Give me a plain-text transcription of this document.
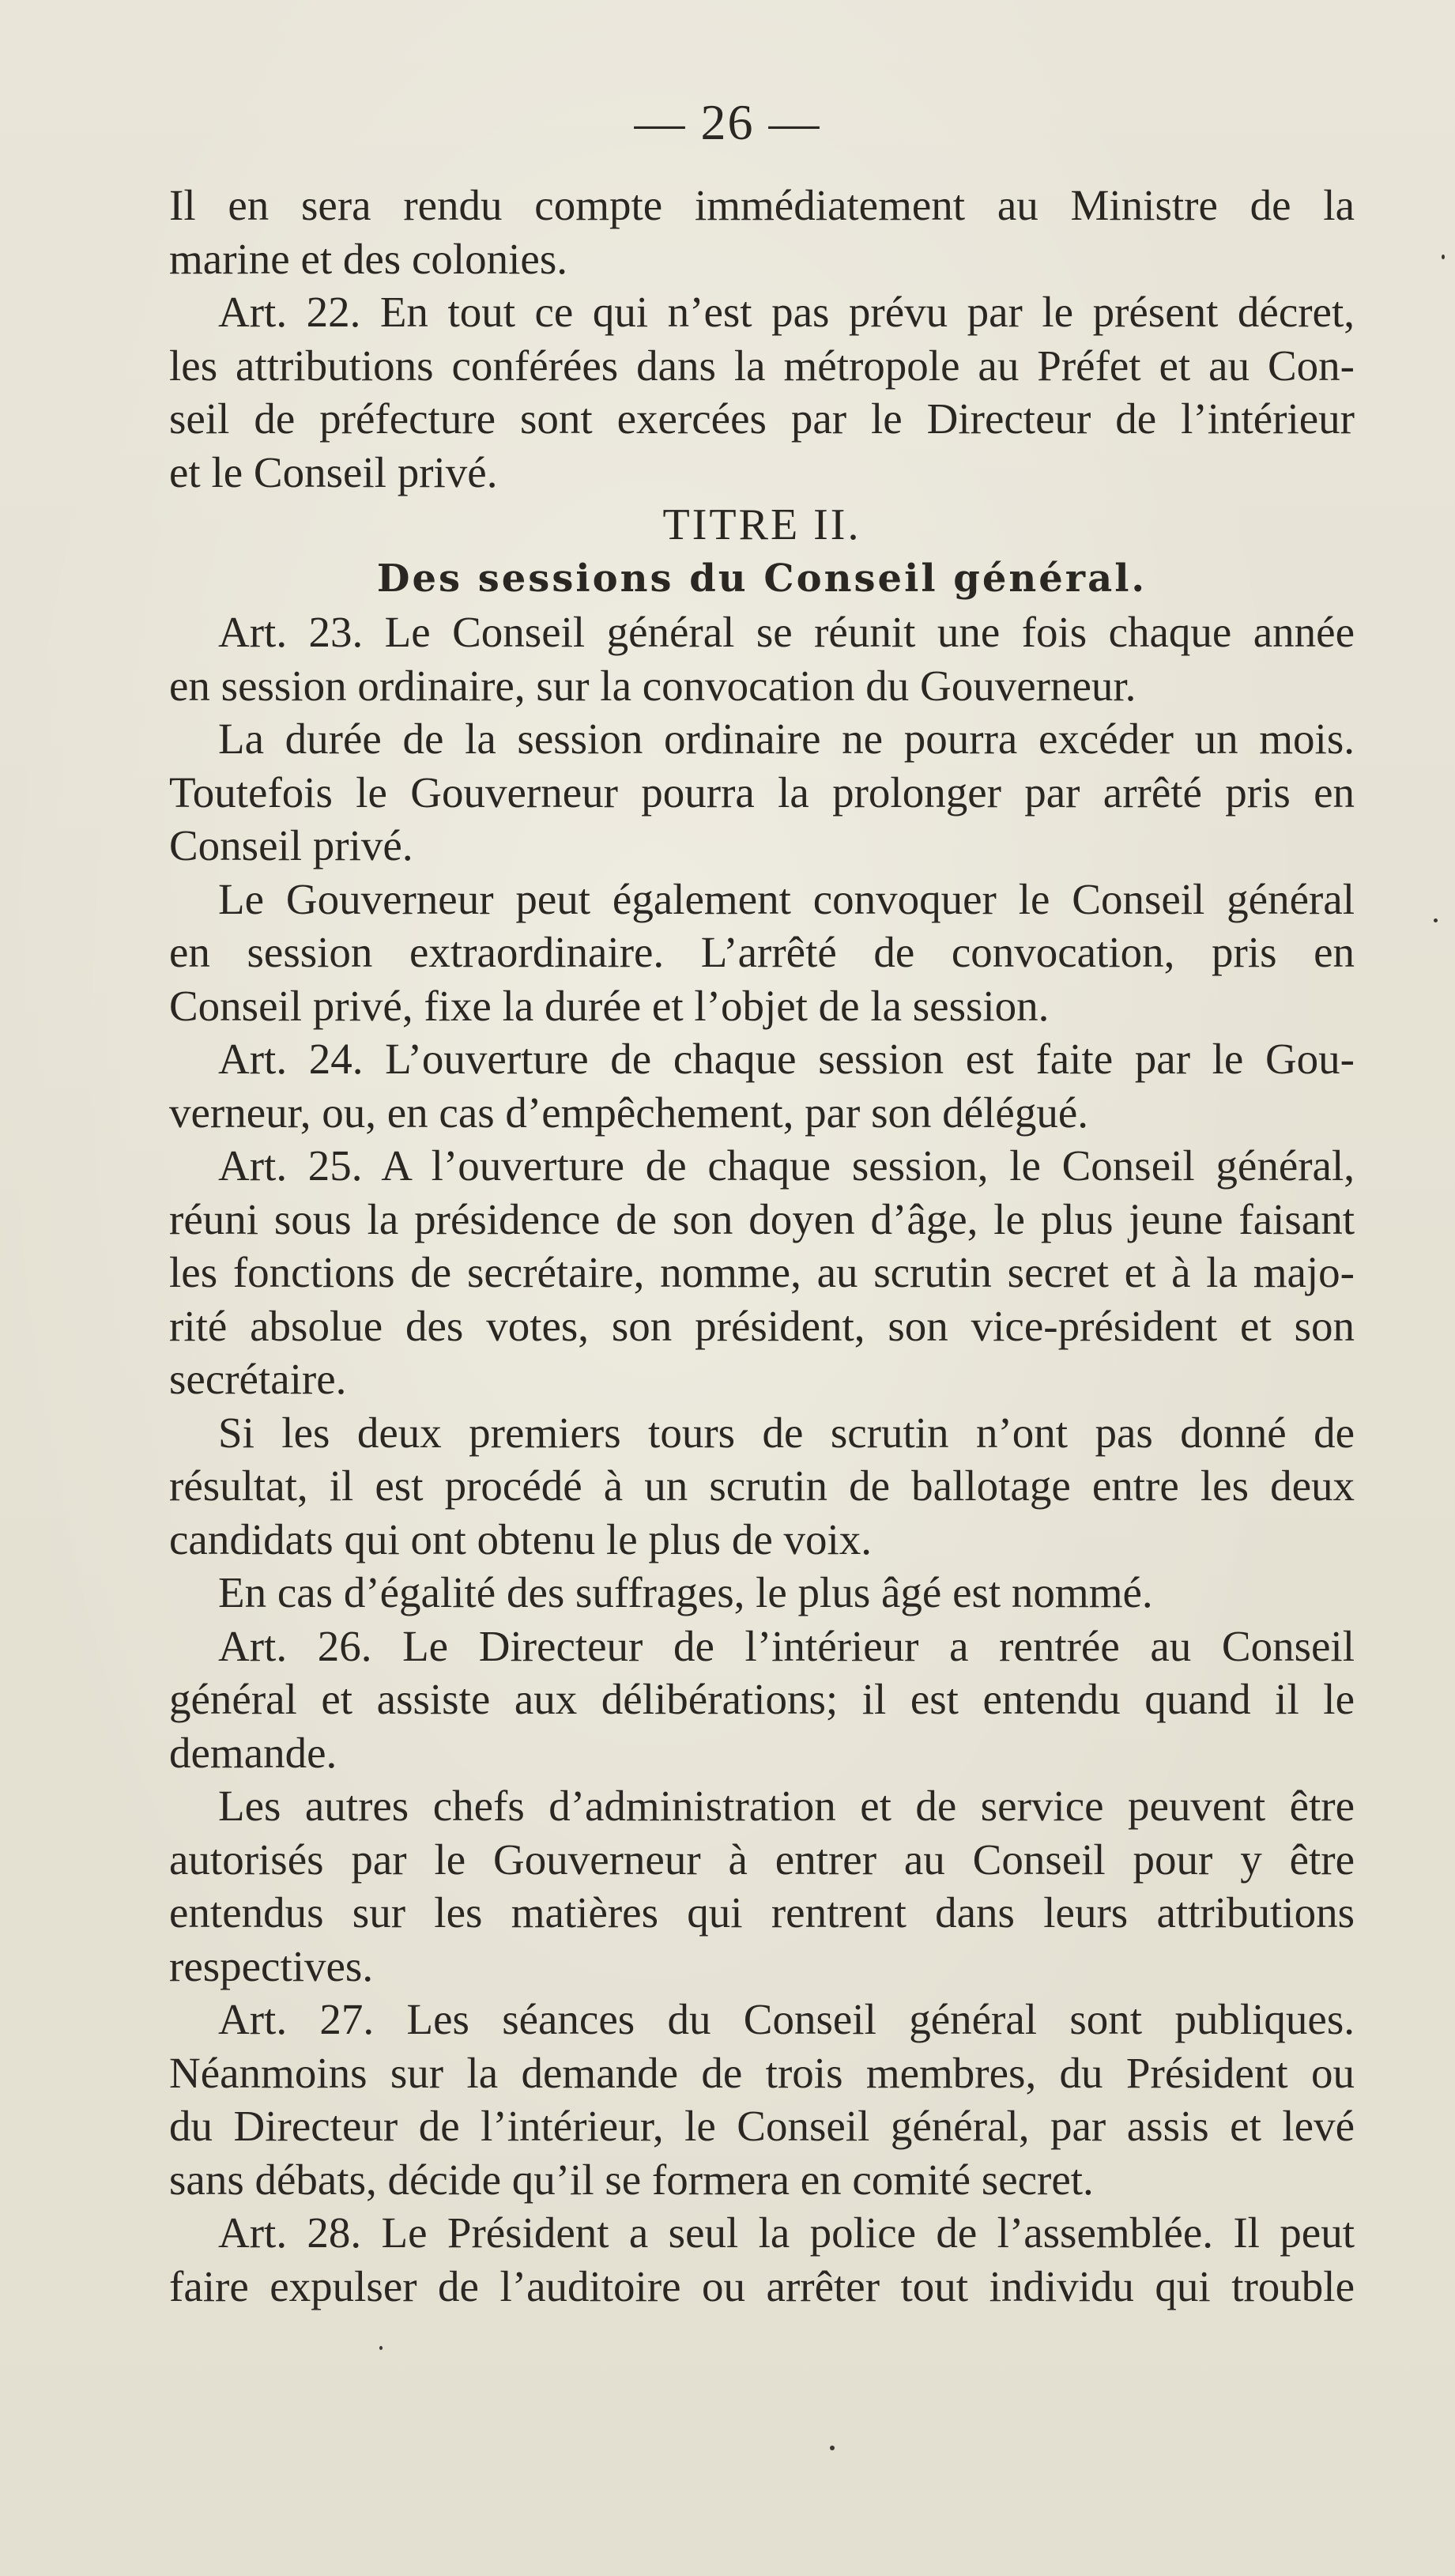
— 26 —
Il en sera rendu compte immédiatement au Ministre de la
marine et des colonies.
Art. 22. En tout ce qui n’est pas prévu par le présent décret,
les attributions conférées dans la métropole au Préfet et au Con-
seil de préfecture sont exercées par le Directeur de l’intérieur
et le Conseil privé.
TITRE II.
Des sessions du Conseil général.
Art. 23. Le Conseil général se réunit une fois chaque année
en session ordinaire, sur la convocation du Gouverneur.
La durée de la session ordinaire ne pourra excéder un mois.
Toutefois le Gouverneur pourra la prolonger par arrêté pris en
Conseil privé.
Le Gouverneur peut également convoquer le Conseil général
en session extraordinaire. L’arrêté de convocation, pris en
Conseil privé, fixe la durée et l’objet de la session.
Art. 24. L’ouverture de chaque session est faite par le Gou-
verneur, ou, en cas d’empêchement, par son délégué.
Art. 25. A l’ouverture de chaque session, le Conseil général,
réuni sous la présidence de son doyen d’âge, le plus jeune faisant
les fonctions de secrétaire, nomme, au scrutin secret et à la majo-
rité absolue des votes, son président, son vice-président et son
secrétaire.
Si les deux premiers tours de scrutin n’ont pas donné de
résultat, il est procédé à un scrutin de ballotage entre les deux
candidats qui ont obtenu le plus de voix.
En cas d’égalité des suffrages, le plus âgé est nommé.
Art. 26. Le Directeur de l’intérieur a rentrée au Conseil
général et assiste aux délibérations; il est entendu quand il le
demande.
Les autres chefs d’administration et de service peuvent être
autorisés par le Gouverneur à entrer au Conseil pour y être
entendus sur les matières qui rentrent dans leurs attributions
respectives.
Art. 27. Les séances du Conseil général sont publiques.
Néanmoins sur la demande de trois membres, du Président ou
du Directeur de l’intérieur, le Conseil général, par assis et levé
sans débats, décide qu’il se formera en comité secret.
Art. 28. Le Président a seul la police de l’assemblée. Il peut
faire expulser de l’auditoire ou arrêter tout individu qui trouble
